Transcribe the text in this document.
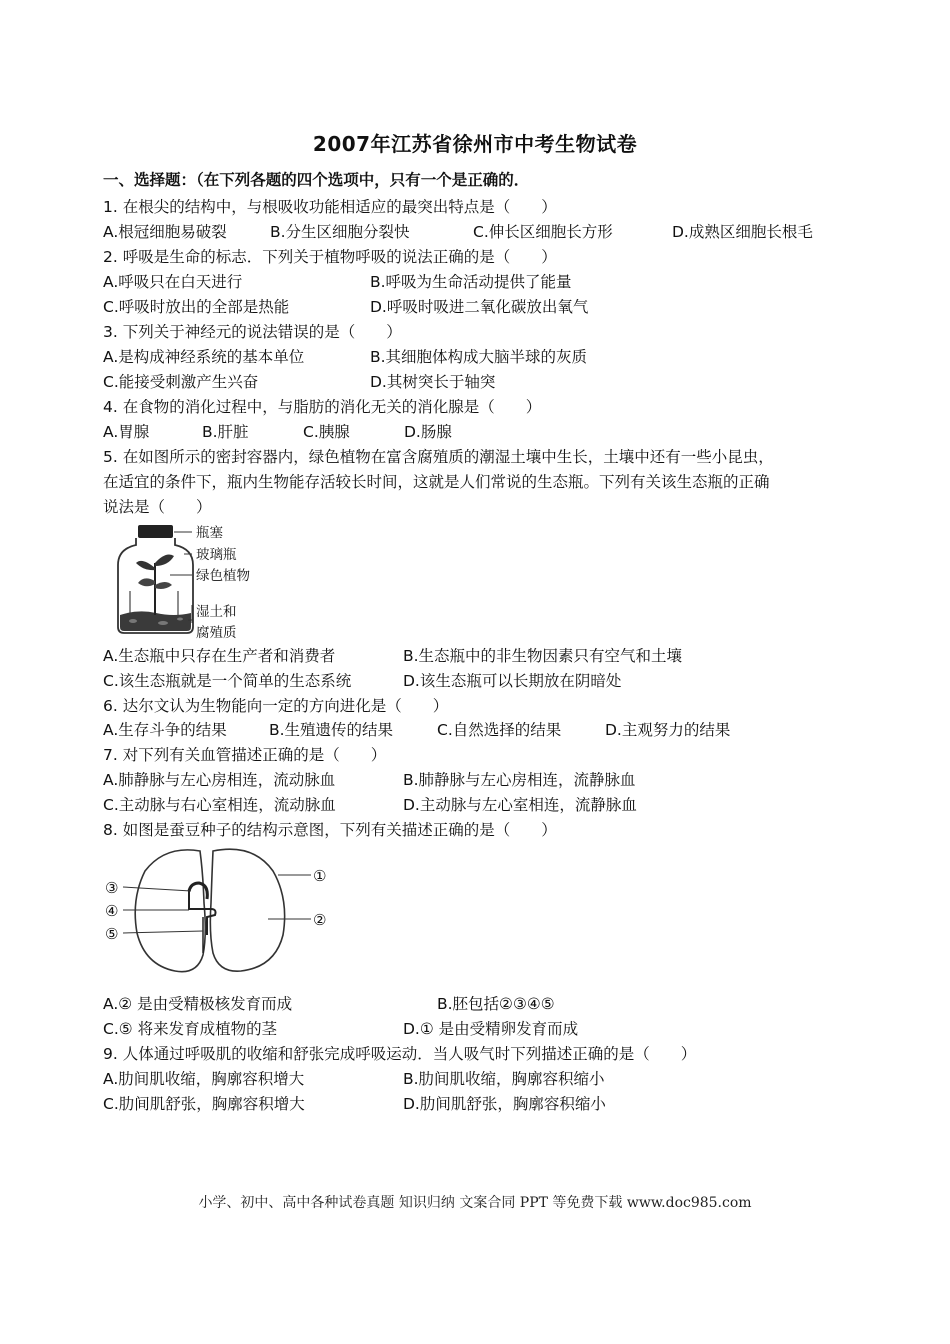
2007年江苏省徐州市中考生物试卷
一、选择题：（在下列各题的四个选项中，只有一个是正确的．
1. 在根尖的结构中，与根吸收功能相适应的最突出特点是（　　）
A.根冠细胞易破裂	B.分生区细胞分裂快	C.伸长区细胞长方形	D.成熟区细胞长根毛
2. 呼吸是生命的标志．下列关于植物呼吸的说法正确的是（　　）
A.呼吸只在白天进行	B.呼吸为生命活动提供了能量
C.呼吸时放出的全部是热能	D.呼吸时吸进二氧化碳放出氧气
3. 下列关于神经元的说法错误的是（　　）
A.是构成神经系统的基本单位	B.其细胞体构成大脑半球的灰质
C.能接受刺激产生兴奋	D.其树突长于轴突
4. 在食物的消化过程中，与脂肪的消化无关的消化腺是（　　）
A.胃腺	B.肝脏	C.胰腺	D.肠腺
5. 在如图所示的密封容器内，绿色植物在富含腐殖质的潮湿土壤中生长，土壤中还有一些小昆虫，
在适宜的条件下，瓶内生物能存活较长时间，这就是人们常说的生态瓶。下列有关该生态瓶的正确
说法是（　　）
瓶塞
玻璃瓶
绿色植物
湿土和
腐殖质
A.生态瓶中只存在生产者和消费者	B.生态瓶中的非生物因素只有空气和土壤
C.该生态瓶就是一个简单的生态系统	D.该生态瓶可以长期放在阴暗处
6. 达尔文认为生物能向一定的方向进化是（　　）
A.生存斗争的结果	B.生殖遗传的结果	C.自然选择的结果	D.主观努力的结果
7. 对下列有关血管描述正确的是（　　）
A.肺静脉与左心房相连，流动脉血	B.肺静脉与左心房相连，流静脉血
C.主动脉与右心室相连，流动脉血	D.主动脉与左心室相连，流静脉血
8. 如图是蚕豆种子的结构示意图，下列有关描述正确的是（　　）
③
④
⑤
①
②
A.② 是由受精极核发育而成	B.胚包括②③④⑤
C.⑤ 将来发育成植物的茎	D.① 是由受精卵发育而成
9. 人体通过呼吸肌的收缩和舒张完成呼吸运动．当人吸气时下列描述正确的是（　　）
A.肋间肌收缩，胸廓容积增大	B.肋间肌收缩，胸廓容积缩小
C.肋间肌舒张，胸廓容积增大	D.肋间肌舒张，胸廓容积缩小
小学、初中、高中各种试卷真题 知识归纳 文案合同 PPT 等免费下载 www.doc985.com
